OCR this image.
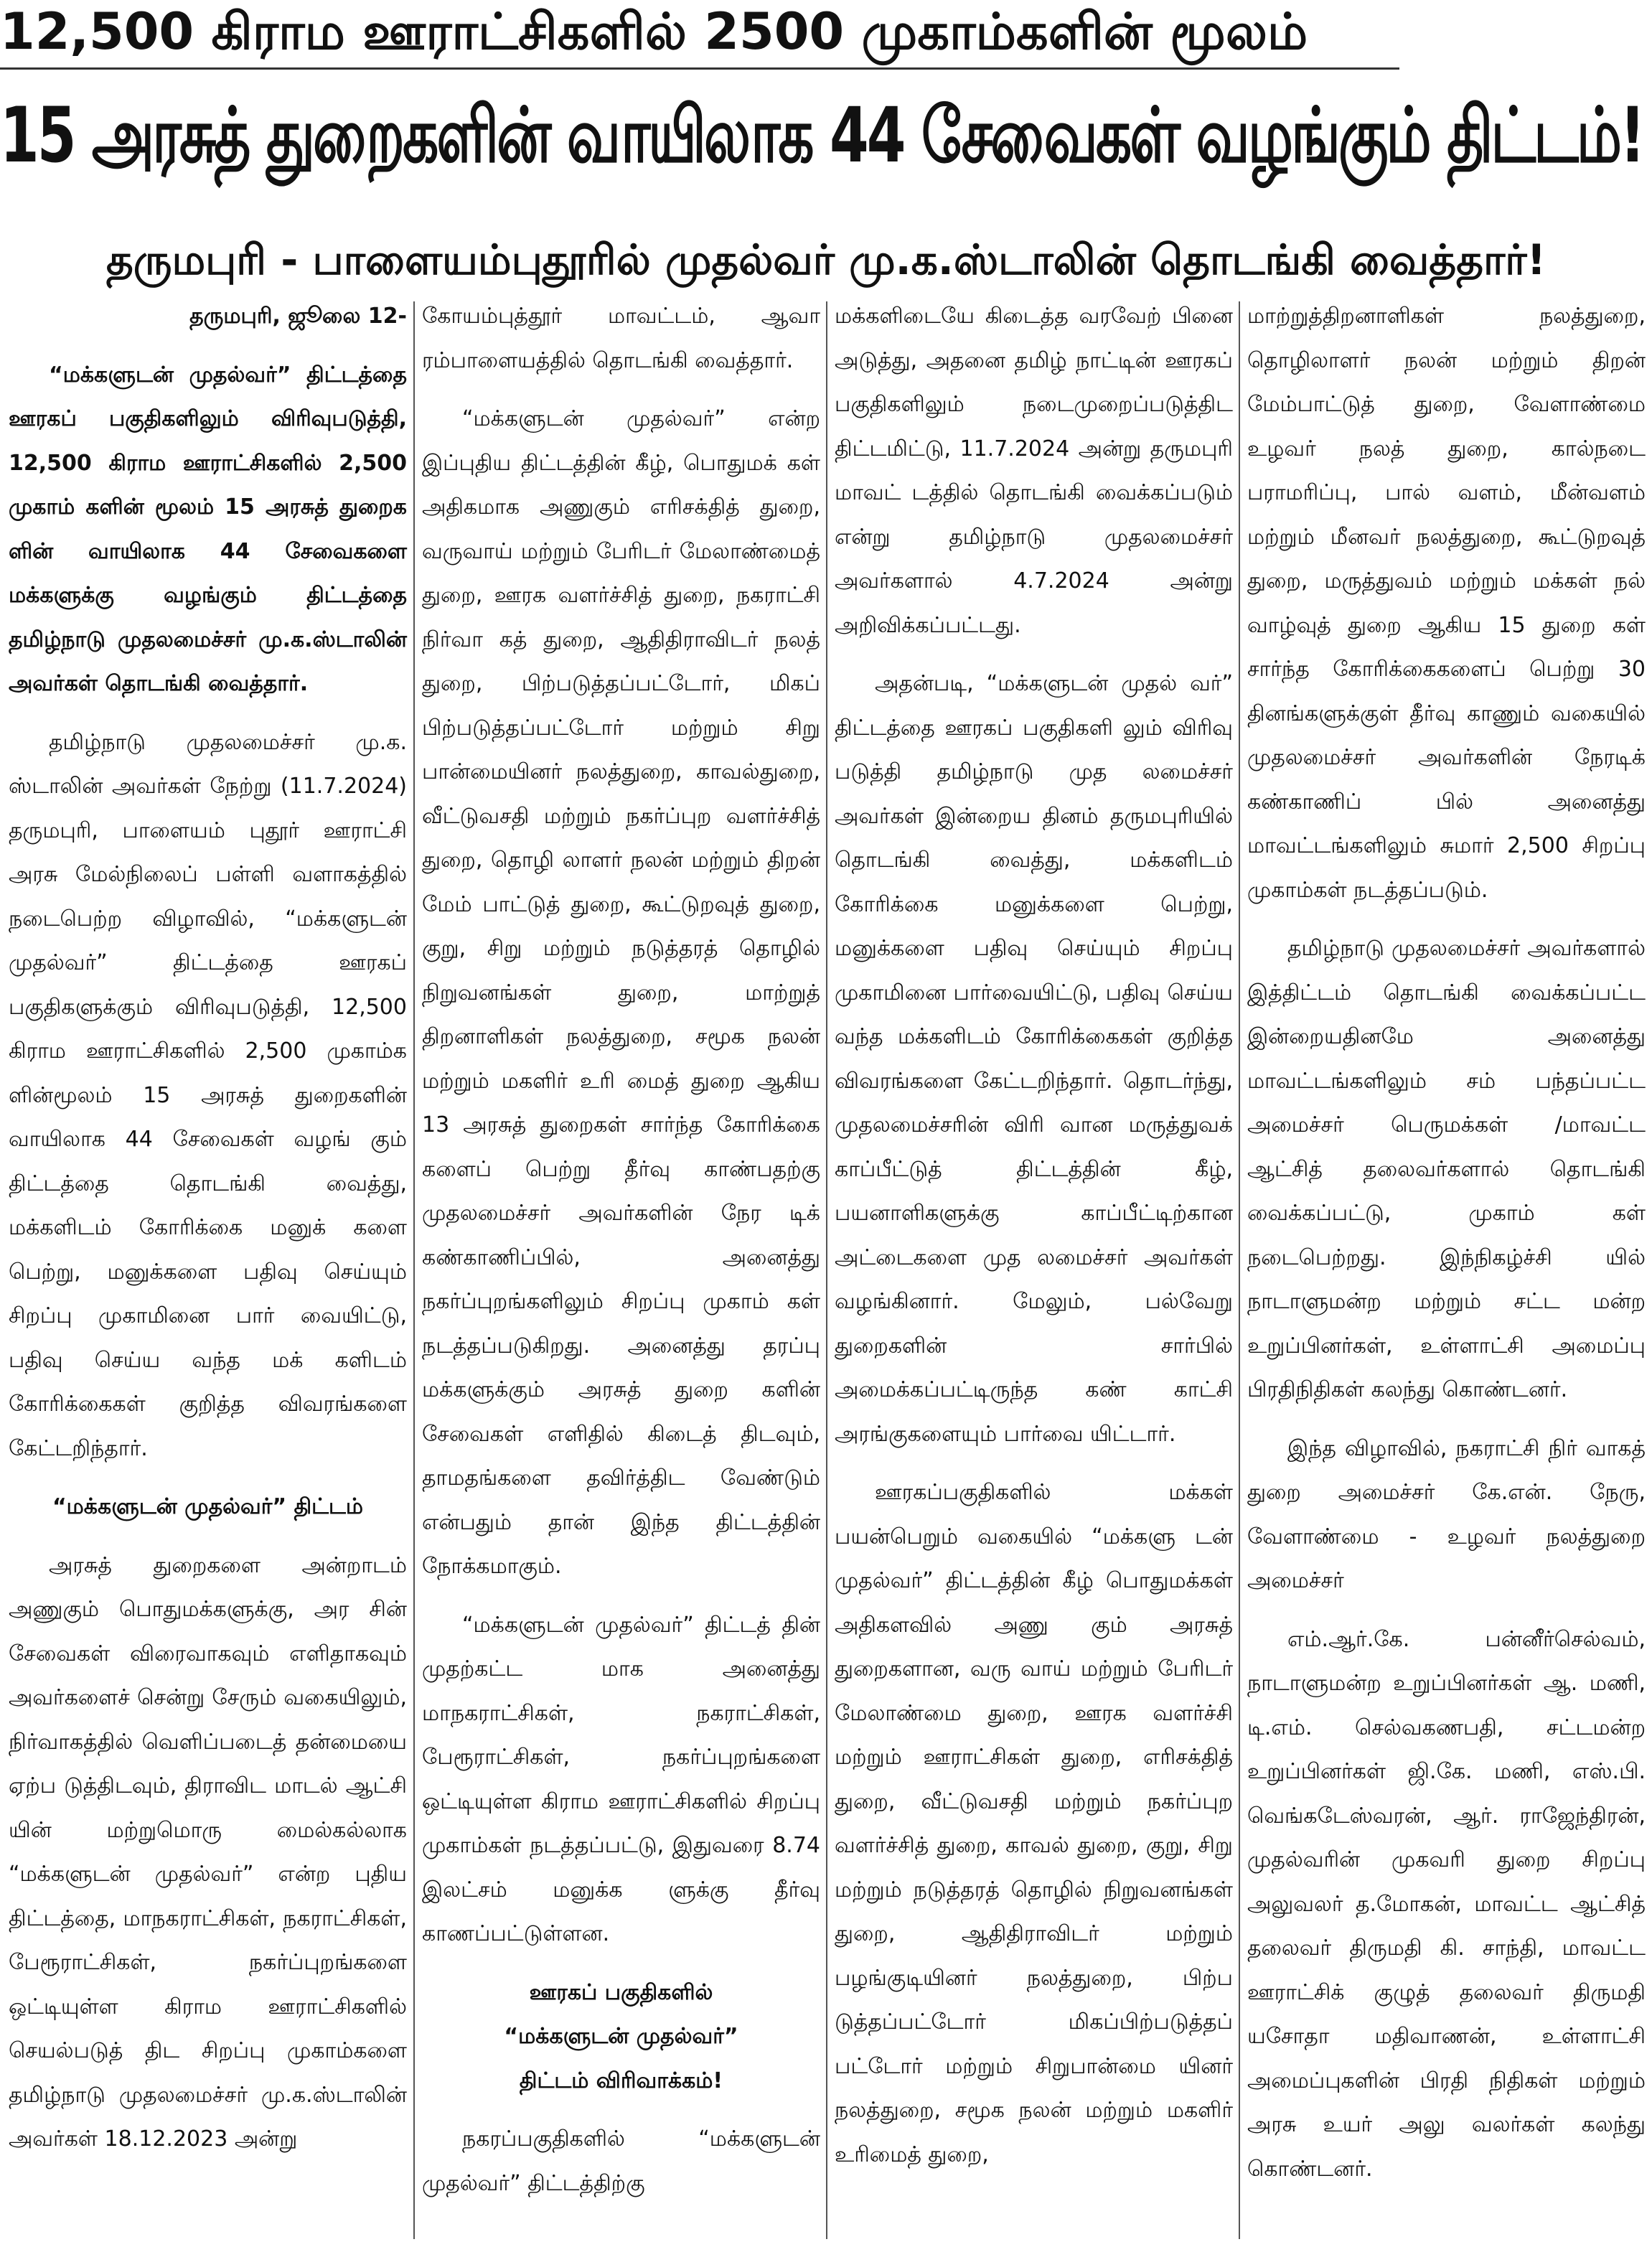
12,500 கிராம ஊராட்சிகளில் 2500 முகாம்களின் மூலம்
15 அரசுத் துறைகளின் வாயிலாக 44 சேவைகள் வழங்கும் திட்டம்!
தருமபுரி - பாளையம்புதூரில் முதல்வர் மு.க.ஸ்டாலின் தொடங்கி வைத்தார்!

தருமபுரி, ஜூலை 12-

“மக்களுடன் முதல்வர்” திட்டத்தை ஊரகப் பகுதிகளிலும் விரிவுபடுத்தி, 12,500 கிராம ஊராட்சிகளில் 2,500 முகாம் களின் மூலம் 15 அரசுத் துறைக ளின் வாயிலாக 44 சேவைகளை மக்களுக்கு வழங்கும் திட்டத்தை தமிழ்நாடு முதலமைச்சர் மு.க.ஸ்டாலின் அவர்கள் தொடங்கி வைத்தார்.

தமிழ்நாடு முதலமைச்சர் மு.க. ஸ்டாலின் அவர்கள் நேற்று (11.7.2024) தருமபுரி, பாளையம் புதூர் ஊராட்சி அரசு மேல்நிலைப் பள்ளி வளாகத்தில் நடைபெற்ற விழாவில், “மக்களுடன் முதல்வர்” திட்டத்தை ஊரகப் பகுதிகளுக்கும் விரிவுபடுத்தி, 12,500 கிராம ஊராட்சிகளில் 2,500 முகாம்க ளின்மூலம் 15 அரசுத் துறைகளின் வாயிலாக 44 சேவைகள் வழங் கும் திட்டத்தை தொடங்கி வைத்து, மக்களிடம் கோரிக்கை மனுக் களை பெற்று, மனுக்களை பதிவு செய்யும் சிறப்பு முகாமினை பார் வையிட்டு, பதிவு செய்ய வந்த மக் களிடம் கோரிக்கைகள் குறித்த விவரங்களை கேட்டறிந்தார்.

“மக்களுடன் முதல்வர்” திட்டம்

அரசுத் துறைகளை அன்றாடம் அணுகும் பொதுமக்களுக்கு, அர சின் சேவைகள் விரைவாகவும் எளிதாகவும் அவர்களைச் சென்று சேரும் வகையிலும், நிர்வாகத்தில் வெளிப்படைத் தன்மையை ஏற்ப டுத்திடவும், திராவிட மாடல் ஆட்சி யின் மற்றுமொரு மைல்கல்லாக “மக்களுடன் முதல்வர்” என்ற புதிய திட்டத்தை, மாநகராட்சிகள், நகராட்சிகள், பேரூராட்சிகள், நகர்ப்புறங்களை ஒட்டியுள்ள கிராம ஊராட்சிகளில் செயல்படுத் திட சிறப்பு முகாம்களை தமிழ்நாடு முதலமைச்சர் மு.க.ஸ்டாலின் அவர்கள் 18.12.2023 அன்று

கோயம்புத்தூர் மாவட்டம், ஆவா ரம்பாளையத்தில் தொடங்கி வைத்தார்.

“மக்களுடன் முதல்வர்” என்ற இப்புதிய திட்டத்தின் கீழ், பொதுமக் கள் அதிகமாக அணுகும் எரிசக்தித் துறை, வருவாய் மற்றும் பேரிடர் மேலாண்மைத் துறை, ஊரக வளர்ச்சித் துறை, நகராட்சி நிர்வா கத் துறை, ஆதிதிராவிடர் நலத் துறை, பிற்படுத்தப்பட்டோர், மிகப் பிற்படுத்தப்பட்டோர் மற்றும் சிறு பான்மையினர் நலத்துறை, காவல்துறை, வீட்டுவசதி மற்றும் நகர்ப்புற வளர்ச்சித் துறை, தொழி லாளர் நலன் மற்றும் திறன் மேம் பாட்டுத் துறை, கூட்டுறவுத் துறை, குறு, சிறு மற்றும் நடுத்தரத் தொழில் நிறுவனங்கள் துறை, மாற்றுத் திறனாளிகள் நலத்துறை, சமூக நலன் மற்றும் மகளிர் உரி மைத் துறை ஆகிய 13 அரசுத் துறைகள் சார்ந்த கோரிக்கை களைப் பெற்று தீர்வு காண்பதற்கு முதலமைச்சர் அவர்களின் நேர டிக் கண்காணிப்பில், அனைத்து நகர்ப்புறங்களிலும் சிறப்பு முகாம் கள் நடத்தப்படுகிறது. அனைத்து தரப்பு மக்களுக்கும் அரசுத் துறை களின் சேவைகள் எளிதில் கிடைத் திடவும், தாமதங்களை தவிர்த்திட வேண்டும் என்பதும் தான் இந்த திட்டத்தின் நோக்கமாகும்.

“மக்களுடன் முதல்வர்” திட்டத் தின் முதற்கட்ட மாக அனைத்து மாநகராட்சிகள், நகராட்சிகள், பேரூராட்சிகள், நகர்ப்புறங்களை ஒட்டியுள்ள கிராம ஊராட்சிகளில் சிறப்பு முகாம்கள் நடத்தப்பட்டு, இதுவரை 8.74 இலட்சம் மனுக்க ளுக்கு தீர்வு காணப்பட்டுள்ளன.

ஊரகப் பகுதிகளில்
“மக்களுடன் முதல்வர்”
திட்டம் விரிவாக்கம்!

நகரப்பகுதிகளில் “மக்களுடன் முதல்வர்” திட்டத்திற்கு

மக்களிடையே கிடைத்த வரவேற் பினை அடுத்து, அதனை தமிழ் நாட்டின் ஊரகப் பகுதிகளிலும் நடைமுறைப்படுத்திட திட்டமிட்டு, 11.7.2024 அன்று தருமபுரி மாவட் டத்தில் தொடங்கி வைக்கப்படும் என்று தமிழ்நாடு முதலமைச்சர் அவர்களால் 4.7.2024 அன்று அறிவிக்கப்பட்டது.

அதன்படி, “மக்களுடன் முதல் வர்” திட்டத்தை ஊரகப் பகுதிகளி லும் விரிவு படுத்தி தமிழ்நாடு முத லமைச்சர் அவர்கள் இன்றைய தினம் தருமபுரியில் தொடங்கி வைத்து, மக்களிடம் கோரிக்கை மனுக்களை பெற்று, மனுக்களை பதிவு செய்யும் சிறப்பு முகாமினை பார்வையிட்டு, பதிவு செய்ய வந்த மக்களிடம் கோரிக்கைகள் குறித்த விவரங்களை கேட்டறிந்தார். தொடர்ந்து, முதலமைச்சரின் விரி வான மருத்துவக் காப்பீட்டுத் திட்டத்தின் கீழ், பயனாளிகளுக்கு காப்பீட்டிற்கான அட்டைகளை முத லமைச்சர் அவர்கள் வழங்கினார். மேலும், பல்வேறு துறைகளின் சார்பில் அமைக்கப்பட்டிருந்த கண் காட்சி அரங்குகளையும் பார்வை யிட்டார்.

ஊரகப்பகுதிகளில் மக்கள் பயன்பெறும் வகையில் “மக்களு டன் முதல்வர்” திட்டத்தின் கீழ் பொதுமக்கள் அதிகளவில் அணு கும் அரசுத் துறைகளான, வரு வாய் மற்றும் பேரிடர் மேலாண்மை துறை, ஊரக வளர்ச்சி மற்றும் ஊராட்சிகள் துறை, எரிசக்தித் துறை, வீட்டுவசதி மற்றும் நகர்ப்புற வளர்ச்சித் துறை, காவல் துறை, குறு, சிறு மற்றும் நடுத்தரத் தொழில் நிறுவனங்கள் துறை, ஆதிதிராவிடர் மற்றும் பழங்குடியினர் நலத்துறை, பிற்ப டுத்தப்பட்டோர் மிகப்பிற்படுத்தப் பட்டோர் மற்றும் சிறுபான்மை யினர் நலத்துறை, சமூக நலன் மற்றும் மகளிர் உரிமைத் துறை,

மாற்றுத்திறனாளிகள் நலத்துறை, தொழிலாளர் நலன் மற்றும் திறன் மேம்பாட்டுத் துறை, வேளாண்மை உழவர் நலத் துறை, கால்நடை பராமரிப்பு, பால் வளம், மீன்வளம் மற்றும் மீனவர் நலத்துறை, கூட்டுறவுத் துறை, மருத்துவம் மற்றும் மக்கள் நல் வாழ்வுத் துறை ஆகிய 15 துறை கள் சார்ந்த கோரிக்கைகளைப் பெற்று 30 தினங்களுக்குள் தீர்வு காணும் வகையில் முதலமைச்சர் அவர்களின் நேரடிக் கண்காணிப் பில் அனைத்து மாவட்டங்களிலும் சுமார் 2,500 சிறப்பு முகாம்கள் நடத்தப்படும்.

தமிழ்நாடு முதலமைச்சர் அவர்களால் இத்திட்டம் தொடங்கி வைக்கப்பட்ட இன்றையதினமே அனைத்து மாவட்டங்களிலும் சம் பந்தப்பட்ட அமைச்சர் பெருமக்கள் /மாவட்ட ஆட்சித் தலைவர்களால் தொடங்கி வைக்கப்பட்டு, முகாம் கள் நடைபெற்றது. இந்நிகழ்ச்சி யில் நாடாளுமன்ற மற்றும் சட்ட மன்ற உறுப்பினர்கள், உள்ளாட்சி அமைப்பு பிரதிநிதிகள் கலந்து கொண்டனர்.

இந்த விழாவில், நகராட்சி நிர் வாகத் துறை அமைச்சர் கே.என். நேரு, வேளாண்மை - உழவர் நலத்துறை அமைச்சர்

எம்.ஆர்.கே. பன்னீர்செல்வம், நாடாளுமன்ற உறுப்பினர்கள் ஆ. மணி, டி.எம். செல்வகணபதி, சட்டமன்ற உறுப்பினர்கள் ஜி.கே. மணி, எஸ்.பி. வெங்கடேஸ்வரன், ஆர். ராஜேந்திரன், முதல்வரின் முகவரி துறை சிறப்பு அலுவலர் த.மோகன், மாவட்ட ஆட்சித் தலைவர் திருமதி கி. சாந்தி, மாவட்ட ஊராட்சிக் குழுத் தலைவர் திருமதி யசோதா மதிவாணன், உள்ளாட்சி அமைப்புகளின் பிரதி நிதிகள் மற்றும் அரசு உயர் அலு வலர்கள் கலந்து கொண்டனர்.
